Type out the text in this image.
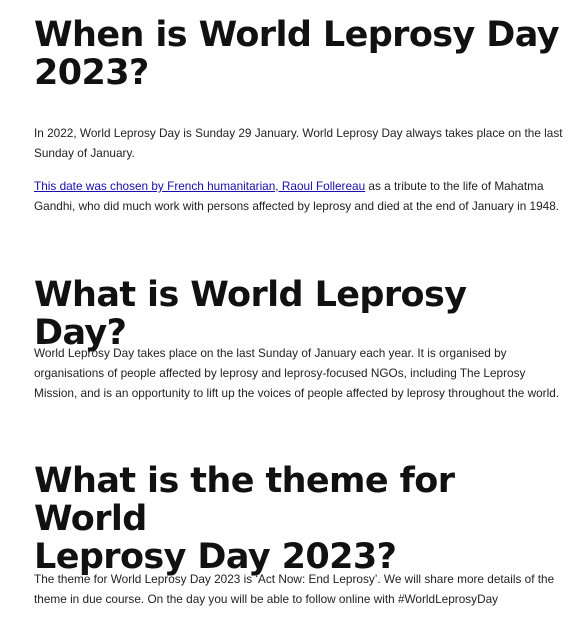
When is World Leprosy Day
2023?

In 2022, World Leprosy Day is Sunday 29 January. World Leprosy Day always takes place on the last Sunday of January.

This date was chosen by French humanitarian, Raoul Follereau as a tribute to the life of Mahatma Gandhi, who did much work with persons affected by leprosy and died at the end of January in 1948.

What is World Leprosy Day?

World Leprosy Day takes place on the last Sunday of January each year. It is organised by organisations of people affected by leprosy and leprosy-focused NGOs, including The Leprosy Mission, and is an opportunity to lift up the voices of people affected by leprosy throughout the world.

What is the theme for World
Leprosy Day 2023?

The theme for World Leprosy Day 2023 is ‘Act Now: End Leprosy’. We will share more details of the theme in due course. On the day you will be able to follow online with #WorldLeprosyDay
